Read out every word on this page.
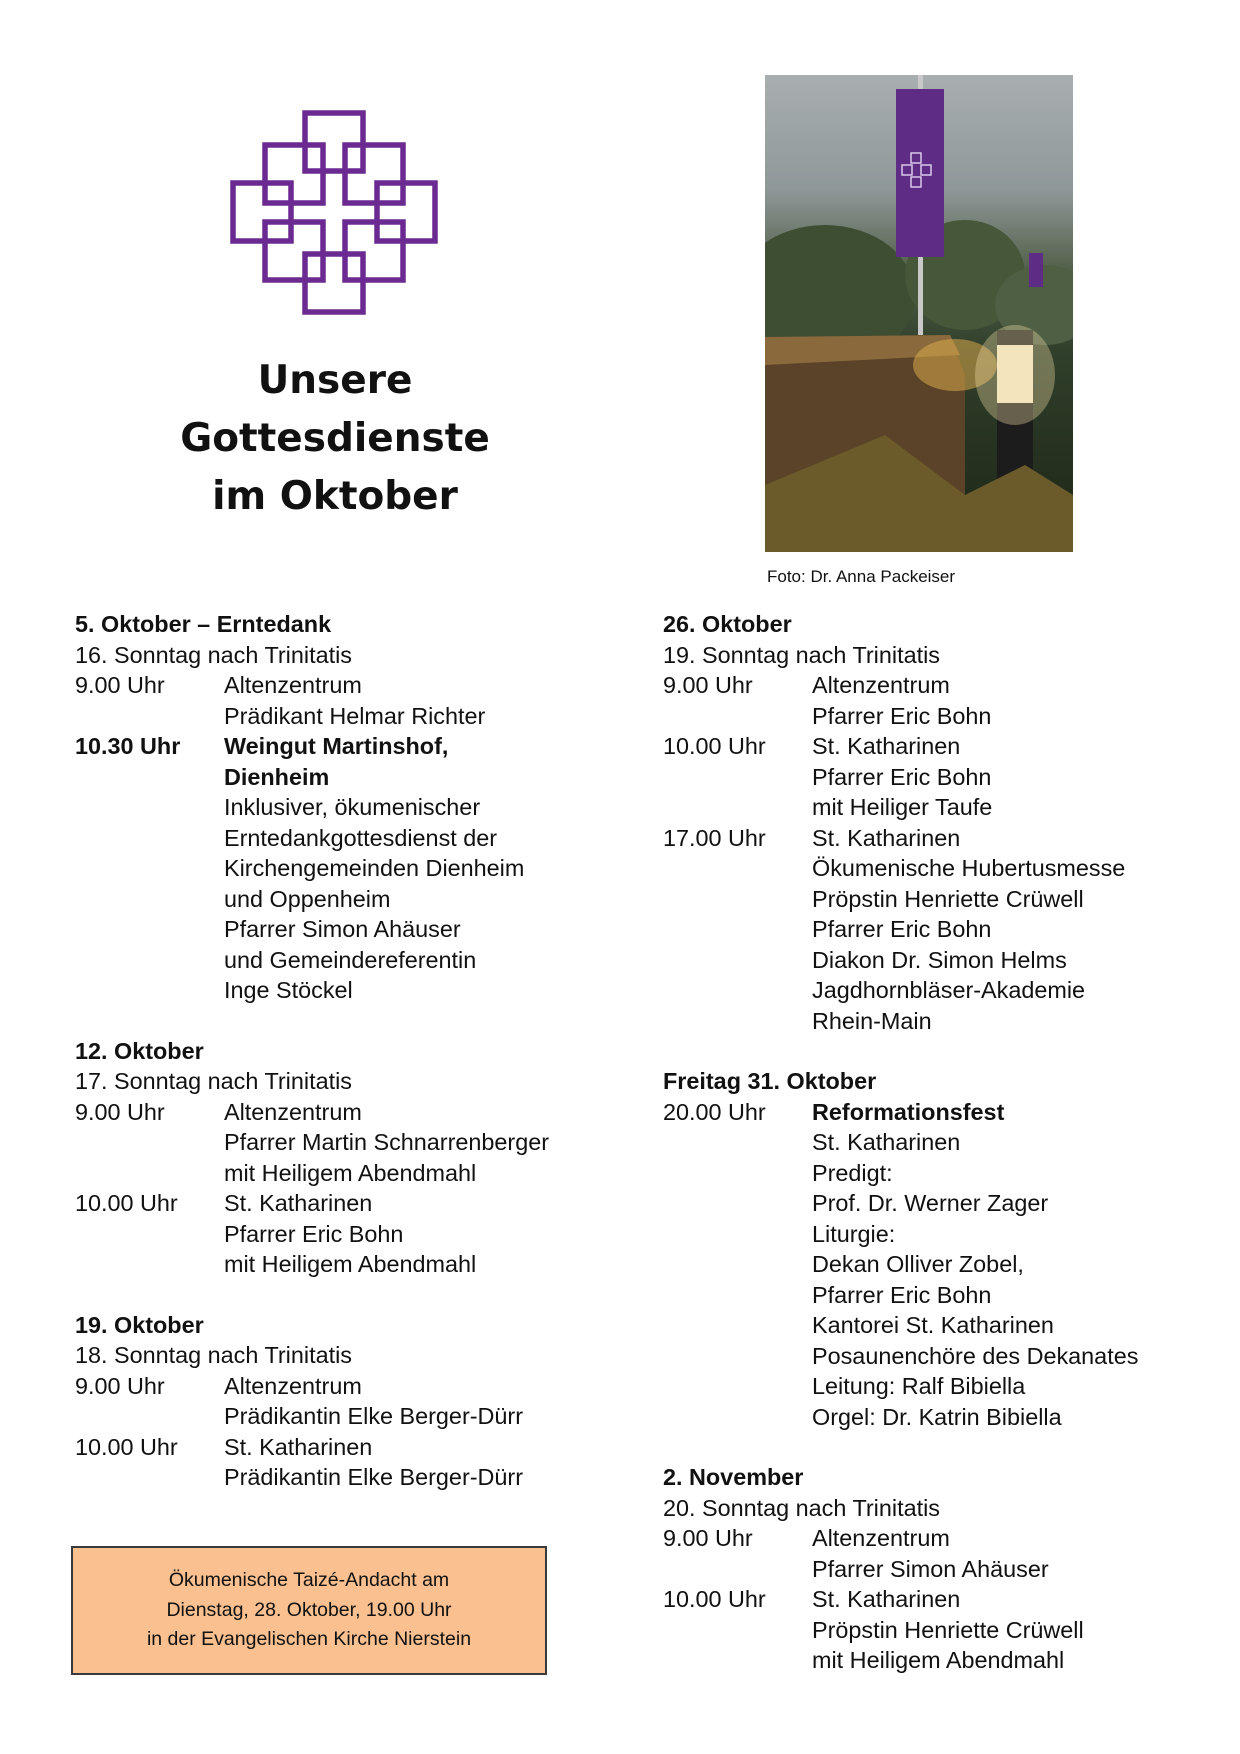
Unsere
Gottesdienste
im Oktober
Foto: Dr. Anna Packeiser
5. Oktober – Erntedank
16. Sonntag nach Trinitatis
9.00 Uhr	Altenzentrum
Prädikant Helmar Richter
10.30 Uhr	Weingut Martinshof,
Dienheim
Inklusiver, ökumenischer
Erntedankgottesdienst der
Kirchengemeinden Dienheim
und Oppenheim
Pfarrer Simon Ahäuser
und Gemeindereferentin
Inge Stöckel
12. Oktober
17. Sonntag nach Trinitatis
9.00 Uhr	Altenzentrum
Pfarrer Martin Schnarrenberger
mit Heiligem Abendmahl
10.00 Uhr	St. Katharinen
Pfarrer Eric Bohn
mit Heiligem Abendmahl
19. Oktober
18. Sonntag nach Trinitatis
9.00 Uhr	Altenzentrum
Prädikantin Elke Berger-Dürr
10.00 Uhr	St. Katharinen
Prädikantin Elke Berger-Dürr
26. Oktober
19. Sonntag nach Trinitatis
9.00 Uhr	Altenzentrum
Pfarrer Eric Bohn
10.00 Uhr	St. Katharinen
Pfarrer Eric Bohn
mit Heiliger Taufe
17.00 Uhr	St. Katharinen
Ökumenische Hubertusmesse
Pröpstin Henriette Crüwell
Pfarrer Eric Bohn
Diakon Dr. Simon Helms
Jagdhornbläser-Akademie
Rhein-Main
Freitag 31. Oktober
20.00 Uhr	Reformationsfest
St. Katharinen
Predigt:
Prof. Dr. Werner Zager
Liturgie:
Dekan Olliver Zobel,
Pfarrer Eric Bohn
Kantorei St. Katharinen
Posaunenchöre des Dekanates
Leitung: Ralf Bibiella
Orgel: Dr. Katrin Bibiella
2. November
20. Sonntag nach Trinitatis
9.00 Uhr	Altenzentrum
Pfarrer Simon Ahäuser
10.00 Uhr	St. Katharinen
Pröpstin Henriette Crüwell
mit Heiligem Abendmahl
Ökumenische Taizé-Andacht am
Dienstag, 28. Oktober, 19.00 Uhr
in der Evangelischen Kirche Nierstein
